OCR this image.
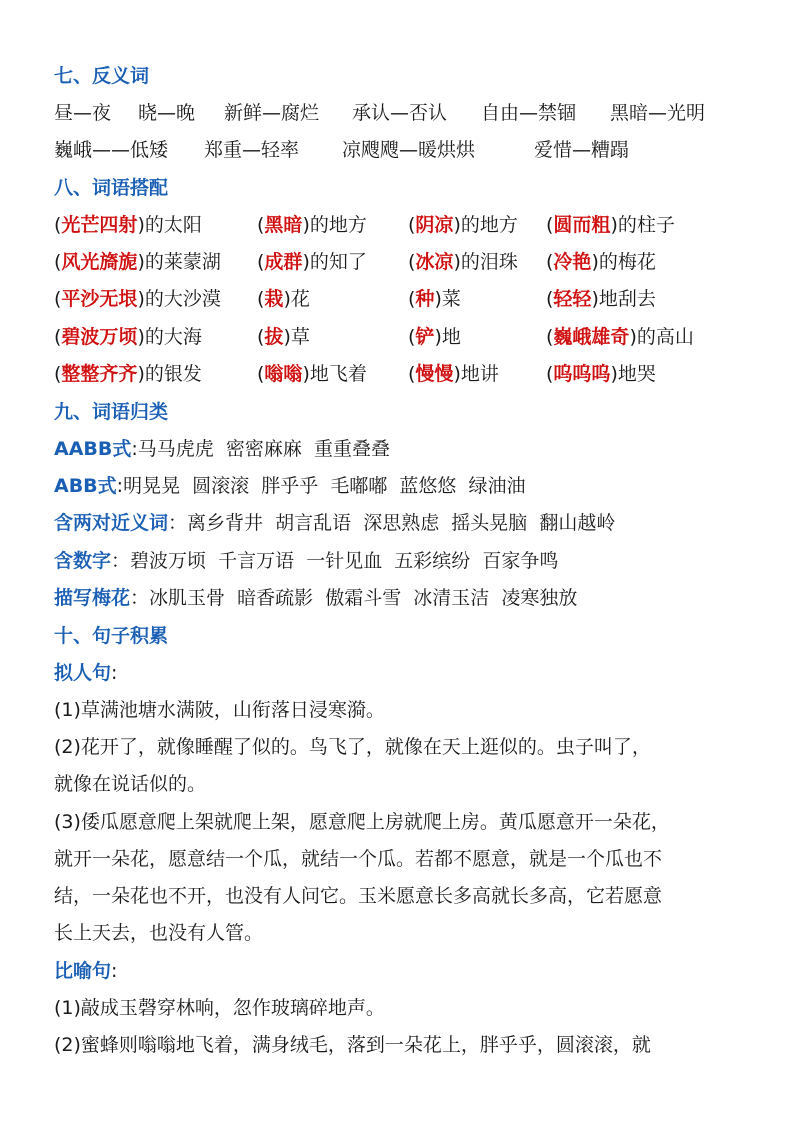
七、反义词
昼—夜 晓—晚 新鲜—腐烂 承认—否认 自由—禁锢 黑暗—光明
巍峨——低矮 郑重—轻率 凉飕飕—暖烘烘	爱惜—糟蹋
八、词语搭配
(光芒四射)的太阳	(黑暗)的地方 (阴凉)的地方 (圆而粗)的柱子
(风光旖旎)的莱蒙湖 (成群)的知了 (冰凉)的泪珠 (冷艳)的梅花
(平沙无垠)的大沙漠 (栽)花	(种)菜	(轻轻)地刮去
(碧波万顷)的大海	(拔)草	(铲)地	(巍峨雄奇)的高山
(整整齐齐)的银发	(嗡嗡)地飞着 (慢慢)地讲 (呜呜呜)地哭
九、词语归类
AABB式:马马虎虎  密密麻麻  重重叠叠
ABB式:明晃晃  圆滚滚  胖乎乎  毛嘟嘟  蓝悠悠  绿油油
含两对近义词：离乡背井  胡言乱语  深思熟虑  摇头晃脑  翻山越岭
含数字：碧波万顷  千言万语  一针见血  五彩缤纷  百家争鸣
描写梅花：冰肌玉骨  暗香疏影  傲霜斗雪  冰清玉洁  凌寒独放
十、句子积累
拟人句:
(1)草满池塘水满陂，山衔落日浸寒漪。
(2)花开了，就像睡醒了似的。鸟飞了，就像在天上逛似的。虫子叫了，
就像在说话似的。
(3)倭瓜愿意爬上架就爬上架，愿意爬上房就爬上房。黄瓜愿意开一朵花，
就开一朵花，愿意结一个瓜，就结一个瓜。若都不愿意，就是一个瓜也不
结，一朵花也不开，也没有人问它。玉米愿意长多高就长多高，它若愿意
长上天去，也没有人管。
比喻句:
(1)敲成玉磬穿林响，忽作玻璃碎地声。
(2)蜜蜂则嗡嗡地飞着，满身绒毛，落到一朵花上，胖乎乎，圆滚滚，就
